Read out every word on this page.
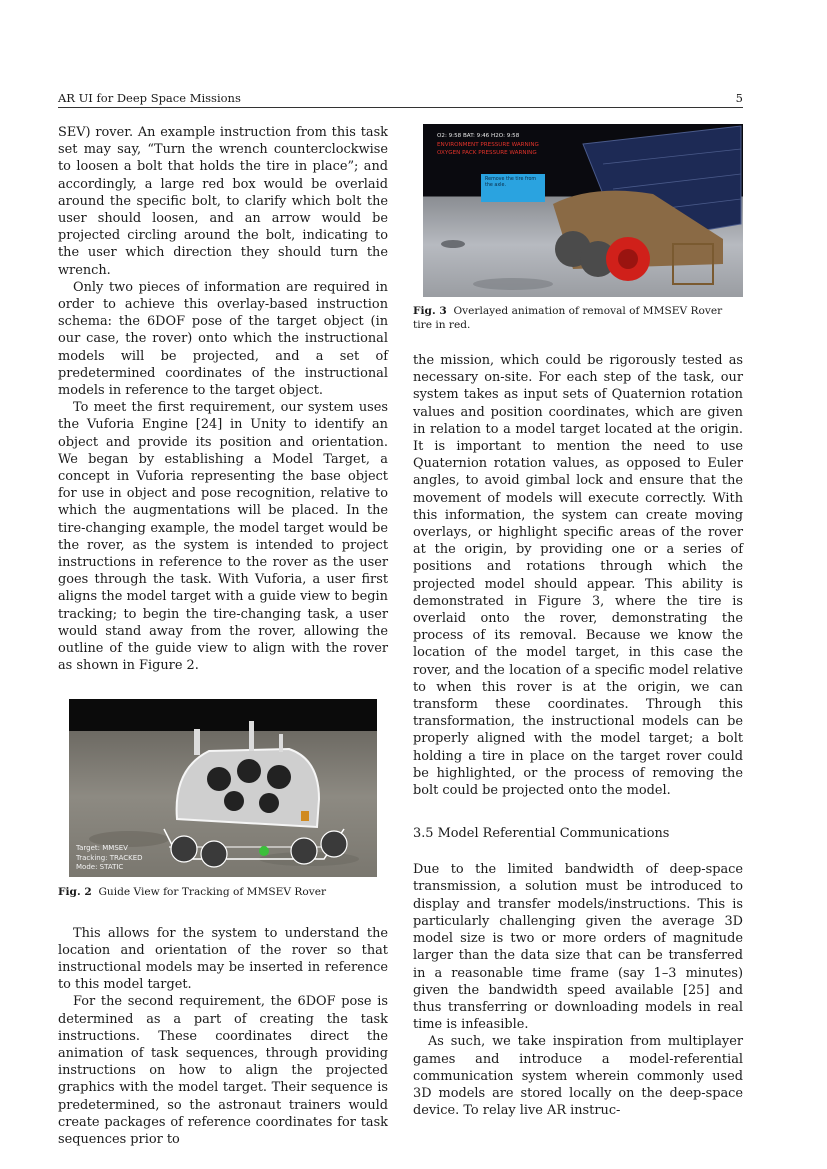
AR UI for Deep Space Missions	5

SEV) rover. An example instruction from this task set may say, “Turn the wrench counterclockwise to loosen a bolt that holds the tire in place”; and accordingly, a large red box would be overlaid around the specific bolt, to clarify which bolt the user should loosen, and an arrow would be projected circling around the bolt, indicating to the user which direction they should turn the wrench.

Only two pieces of information are required in order to achieve this overlay-based instruction schema: the 6DOF pose of the target object (in our case, the rover) onto which the instructional models will be projected, and a set of predetermined coordinates of the instructional models in reference to the target object.

To meet the first requirement, our system uses the Vuforia Engine [24] in Unity to identify an object and provide its position and orientation. We began by establishing a Model Target, a concept in Vuforia representing the base object for use in object and pose recognition, relative to which the augmentations will be placed. In the tire-changing example, the model target would be the rover, as the system is intended to project instructions in reference to the rover as the user goes through the task. With Vuforia, a user first aligns the model target with a guide view to begin tracking; to begin the tire-changing task, a user would stand away from the rover, allowing the outline of the guide view to align with the rover as shown in Figure 2.

Target: MMSEV
Tracking: TRACKED
Mode: STATIC

Fig. 2 Guide View for Tracking of MMSEV Rover

This allows for the system to understand the location and orientation of the rover so that instructional models may be inserted in reference to this model target.

For the second requirement, the 6DOF pose is determined as a part of creating the task instructions. These coordinates direct the animation of task sequences, through providing instructions on how to align the projected graphics with the model target. Their sequence is predetermined, so the astronaut trainers would create packages of reference coordinates for task sequences prior to

O2: 9:58 BAT: 9:46 H2O: 9:58
ENVIRONMENT PRESSURE WARNING
OXYGEN PACK PRESSURE WARNING
Remove the tire from the axle.

Fig. 3 Overlayed animation of removal of MMSEV Rover tire in red.

the mission, which could be rigorously tested as necessary on-site. For each step of the task, our system takes as input sets of Quaternion rotation values and position coordinates, which are given in relation to a model target located at the origin. It is important to mention the need to use Quaternion rotation values, as opposed to Euler angles, to avoid gimbal lock and ensure that the movement of models will execute correctly. With this information, the system can create moving overlays, or highlight specific areas of the rover at the origin, by providing one or a series of positions and rotations through which the projected model should appear. This ability is demonstrated in Figure 3, where the tire is overlaid onto the rover, demonstrating the process of its removal. Because we know the location of the model target, in this case the rover, and the location of a specific model relative to when this rover is at the origin, we can transform these coordinates. Through this transformation, the instructional models can be properly aligned with the model target; a bolt holding a tire in place on the target rover could be highlighted, or the process of removing the bolt could be projected onto the model.

3.5 Model Referential Communications

Due to the limited bandwidth of deep-space transmission, a solution must be introduced to display and transfer models/instructions. This is particularly challenging given the average 3D model size is two or more orders of magnitude larger than the data size that can be transferred in a reasonable time frame (say 1–3 minutes) given the bandwidth speed available [25] and thus transferring or downloading models in real time is infeasible.

As such, we take inspiration from multiplayer games and introduce a model-referential communication system wherein commonly used 3D models are stored locally on the deep-space device. To relay live AR instruc-
